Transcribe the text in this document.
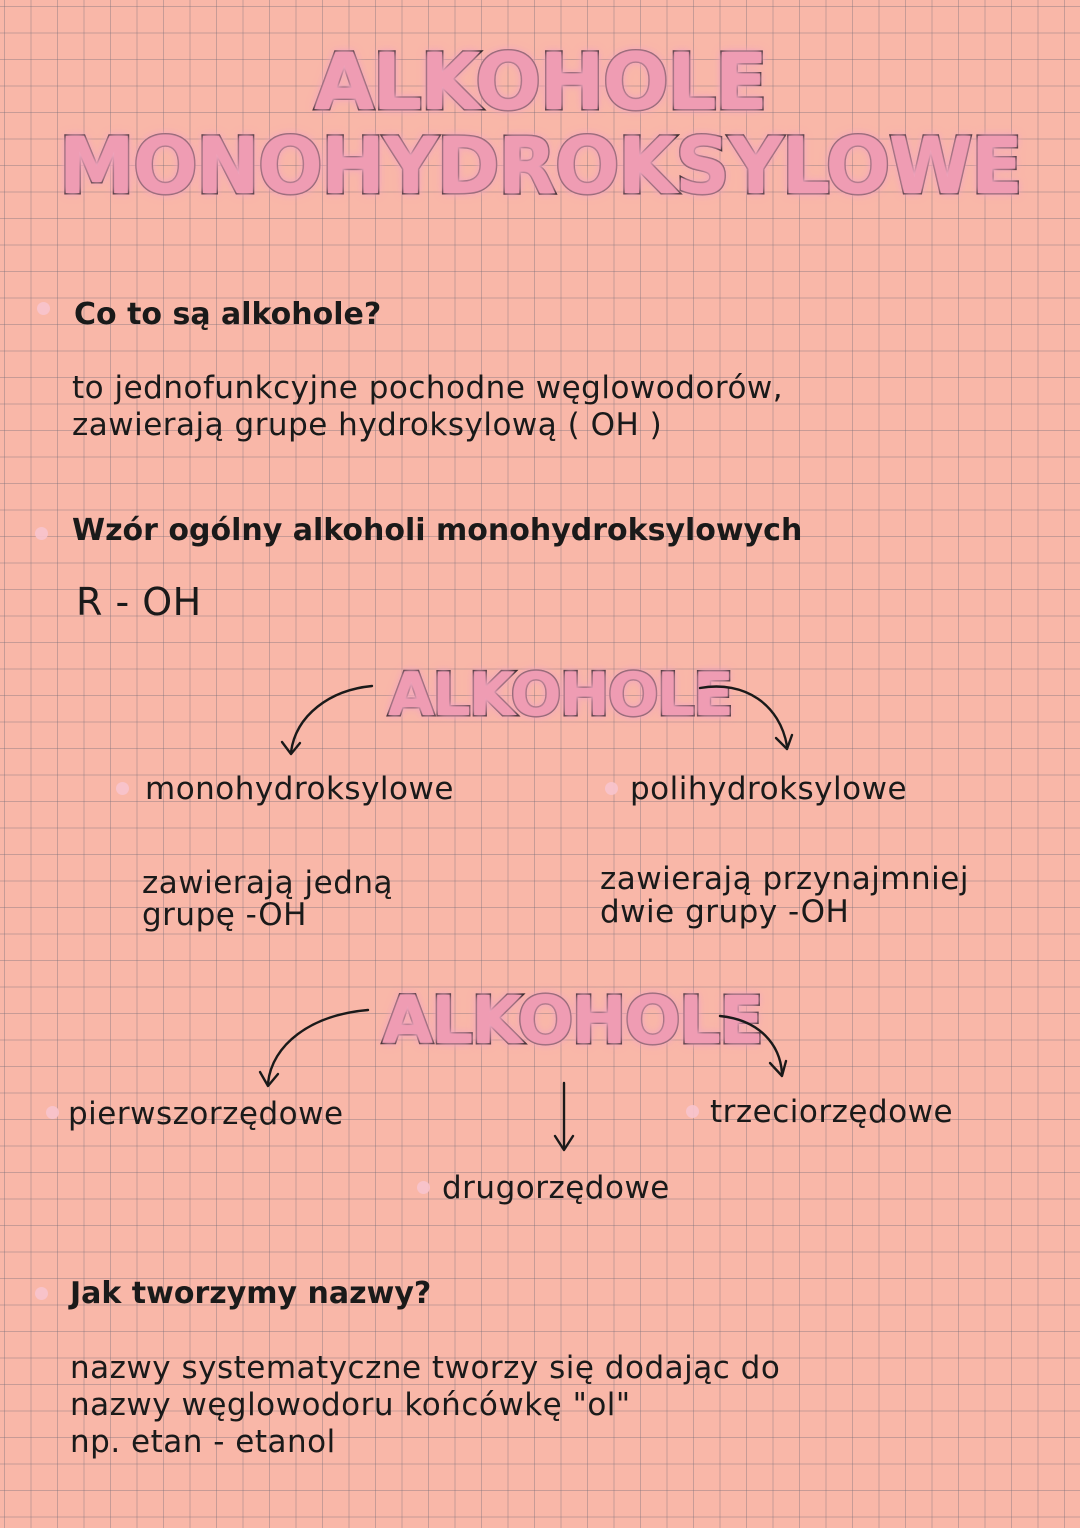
ALKOHOLE
MONOHYDROKSYLOWE
Co to są alkohole?
to jednofunkcyjne pochodne węglowodorów,
zawierają grupe hydroksylową ( OH )
Wzór ogólny alkoholi monohydroksylowych
R - OH
ALKOHOLE
monohydroksylowe
zawierają jedną
grupę -OH
polihydroksylowe
zawierają przynajmniej
dwie grupy -OH
ALKOHOLE
pierwszorzędowe
drugorzędowe
trzeciorzędowe
Jak tworzymy nazwy?
nazwy systematyczne tworzy się dodając do
nazwy węglowodoru końcówkę "ol"
np. etan - etanol
